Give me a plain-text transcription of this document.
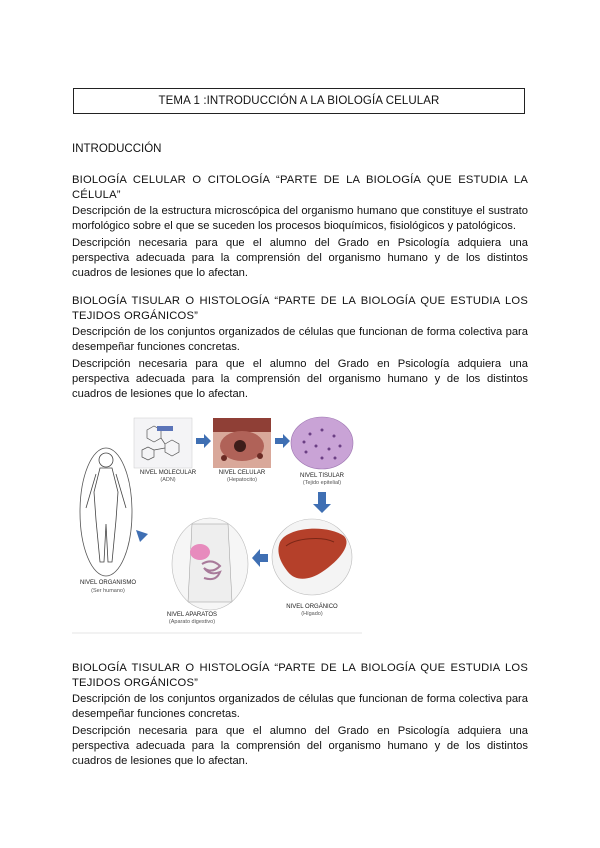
TEMA 1 :INTRODUCCIÓN A LA BIOLOGÍA CELULAR
INTRODUCCIÓN
BIOLOGÍA CELULAR O CITOLOGÍA “PARTE DE LA BIOLOGÍA QUE ESTUDIA LA CÉLULA”

Descripción de la estructura microscópica del organismo humano que constituye el sustrato morfológico sobre el que se suceden los procesos bioquímicos, fisiológicos y patológicos.

Descripción necesaria para que el alumno del Grado en Psicología adquiera una perspectiva adecuada para la comprensión del organismo humano y de los distintos cuadros de lesiones que lo afectan.

BIOLOGÍA TISULAR O HISTOLOGÍA “PARTE DE LA BIOLOGÍA QUE ESTUDIA LOS TEJIDOS ORGÁNICOS”

Descripción de los conjuntos organizados de células que funcionan de forma colectiva para desempeñar funciones concretas.

Descripción necesaria para que el alumno del Grado en Psicología adquiera una perspectiva adecuada para la comprensión del organismo humano y de los distintos cuadros de lesiones que lo afectan.

NIVEL MOLECULAR
(ADN)
NIVEL CELULAR
(Hepatocito)
NIVEL TISULAR
(Tejido epitelial)
NIVEL ORGÁNICO
(Hígado)
NIVEL APARATOS
(Aparato digestivo)
NIVEL ORGANISMO
(Ser humano)
BIOLOGÍA TISULAR O HISTOLOGÍA “PARTE DE LA BIOLOGÍA QUE ESTUDIA LOS TEJIDOS ORGÁNICOS”

Descripción de los conjuntos organizados de células que funcionan de forma colectiva para desempeñar funciones concretas.

Descripción necesaria para que el alumno del Grado en Psicología adquiera una perspectiva adecuada para la comprensión del organismo humano y de los distintos cuadros de lesiones que lo afectan.
